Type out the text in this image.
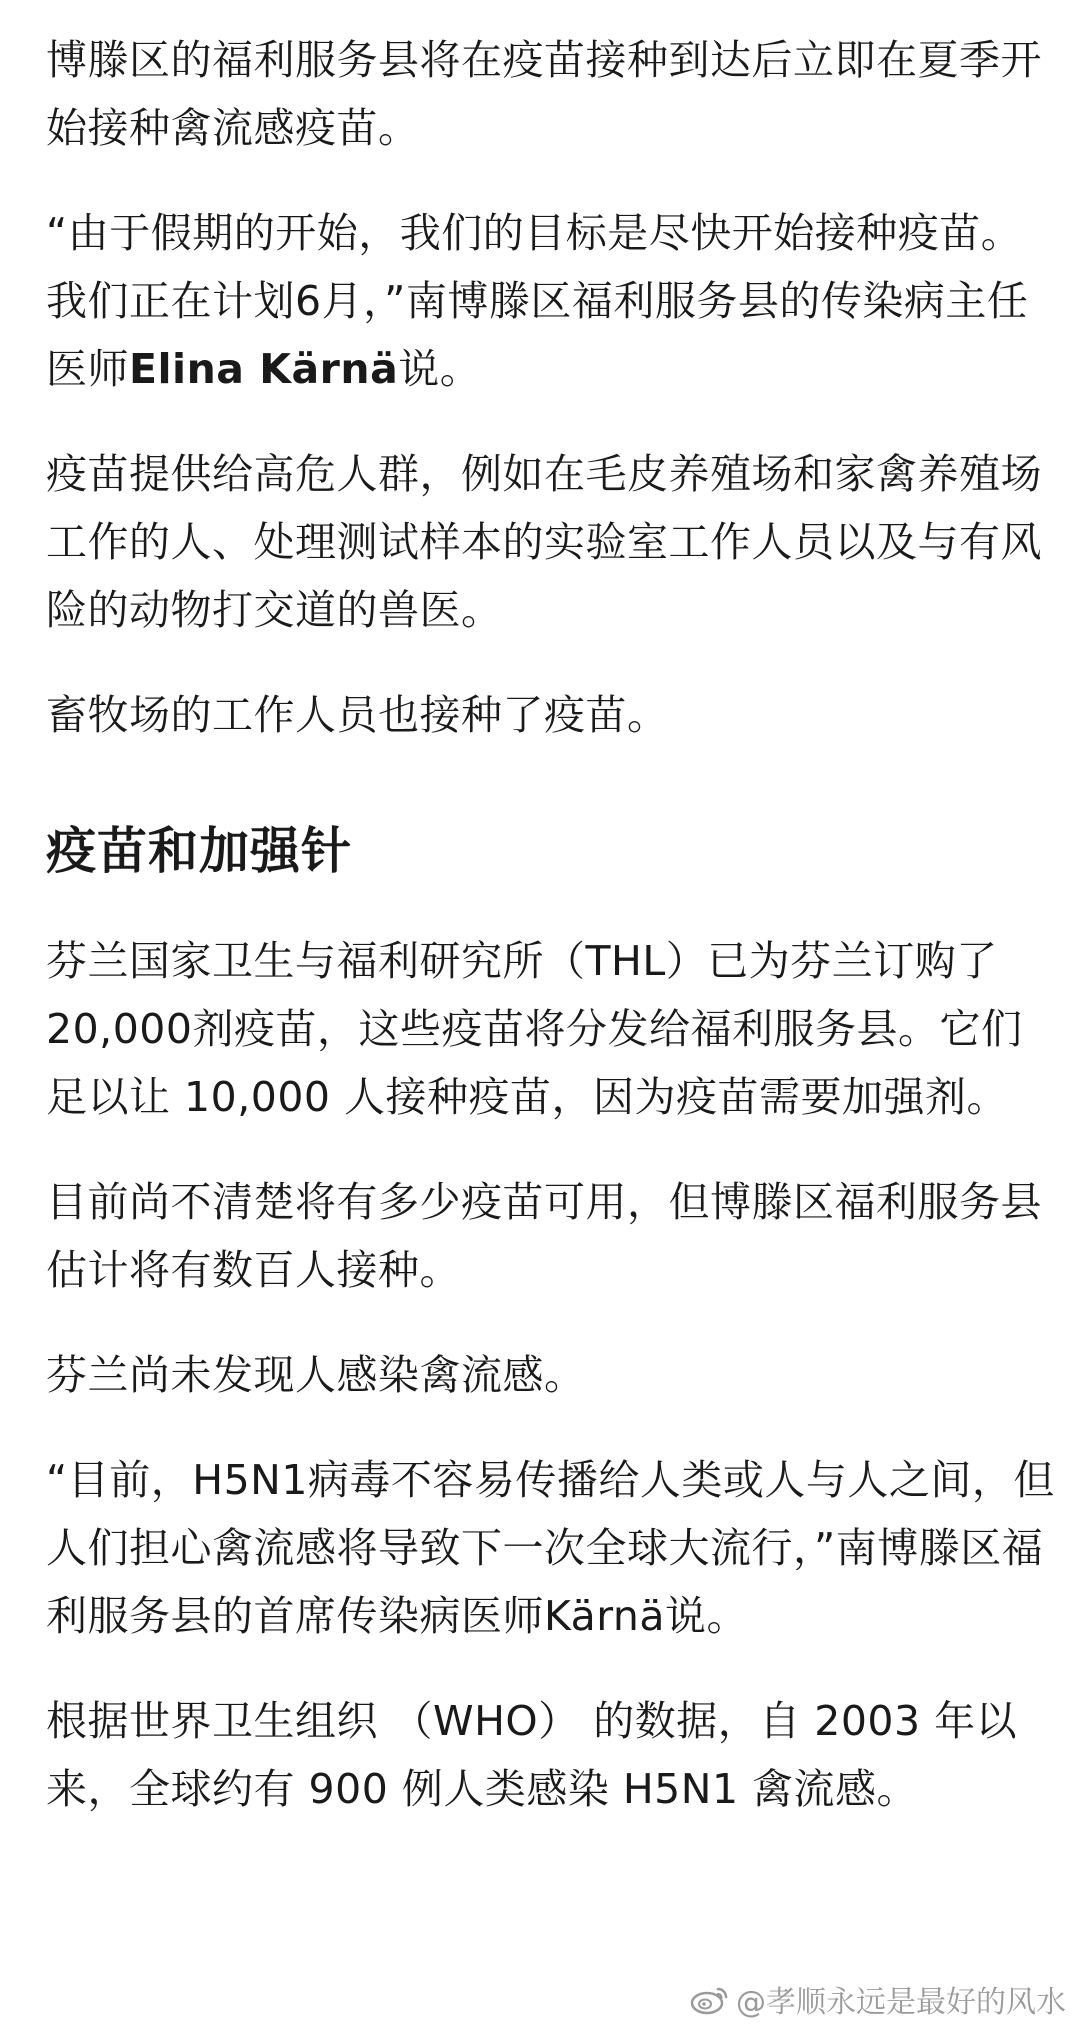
博滕区的福利服务县将在疫苗接种到达后立即在夏季开始接种禽流感疫苗。

“由于假期的开始，我们的目标是尽快开始接种疫苗。我们正在计划6月，”南博滕区福利服务县的传染病主任医师Elina Kärnä说。

疫苗提供给高危人群，例如在毛皮养殖场和家禽养殖场工作的人、处理测试样本的实验室工作人员以及与有风险的动物打交道的兽医。

畜牧场的工作人员也接种了疫苗。

疫苗和加强针

芬兰国家卫生与福利研究所（THL）已为芬兰订购了20,000剂疫苗，这些疫苗将分发给福利服务县。它们足以让 10,000 人接种疫苗，因为疫苗需要加强剂。

目前尚不清楚将有多少疫苗可用，但博滕区福利服务县估计将有数百人接种。

芬兰尚未发现人感染禽流感。

“目前，H5N1病毒不容易传播给人类或人与人之间，但人们担心禽流感将导致下一次全球大流行，”南博滕区福利服务县的首席传染病医师Kärnä说。

根据世界卫生组织 （WHO） 的数据，自 2003 年以来，全球约有 900 例人类感染 H5N1 禽流感。

@孝顺永远是最好的风水
